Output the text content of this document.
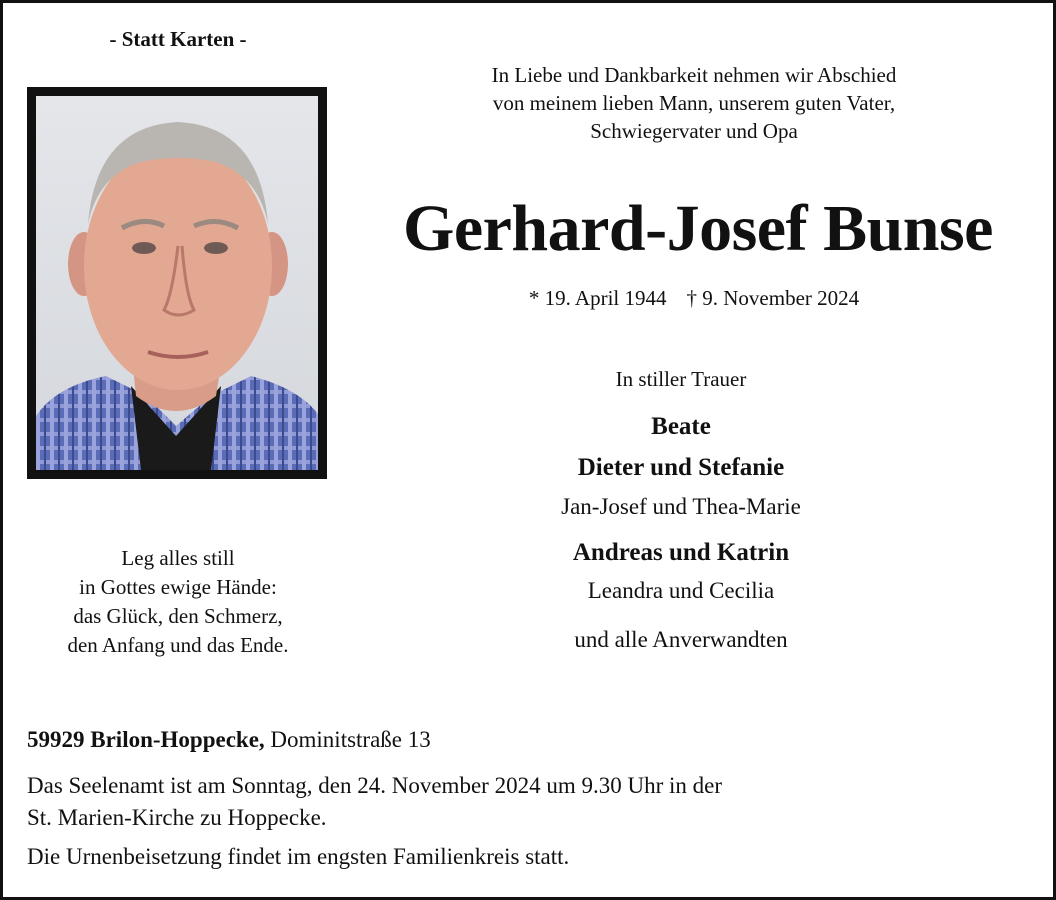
- Statt Karten -
In Liebe und Dankbarkeit nehmen wir Abschied
von meinem lieben Mann, unserem guten Vater,
Schwiegervater und Opa
Gerhard-Josef Bunse
* 19. April 1944 † 9. November 2024
In stiller Trauer
Beate
Dieter und Stefanie
Jan-Josef und Thea-Marie
Andreas und Katrin
Leandra und Cecilia
und alle Anverwandten
Leg alles still
in Gottes ewige Hände:
das Glück, den Schmerz,
den Anfang und das Ende.
59929 Brilon-Hoppecke, Dominitstraße 13
Das Seelenamt ist am Sonntag, den 24. November 2024 um 9.30 Uhr in der
St. Marien-Kirche zu Hoppecke.
Die Urnenbeisetzung findet im engsten Familienkreis statt.
